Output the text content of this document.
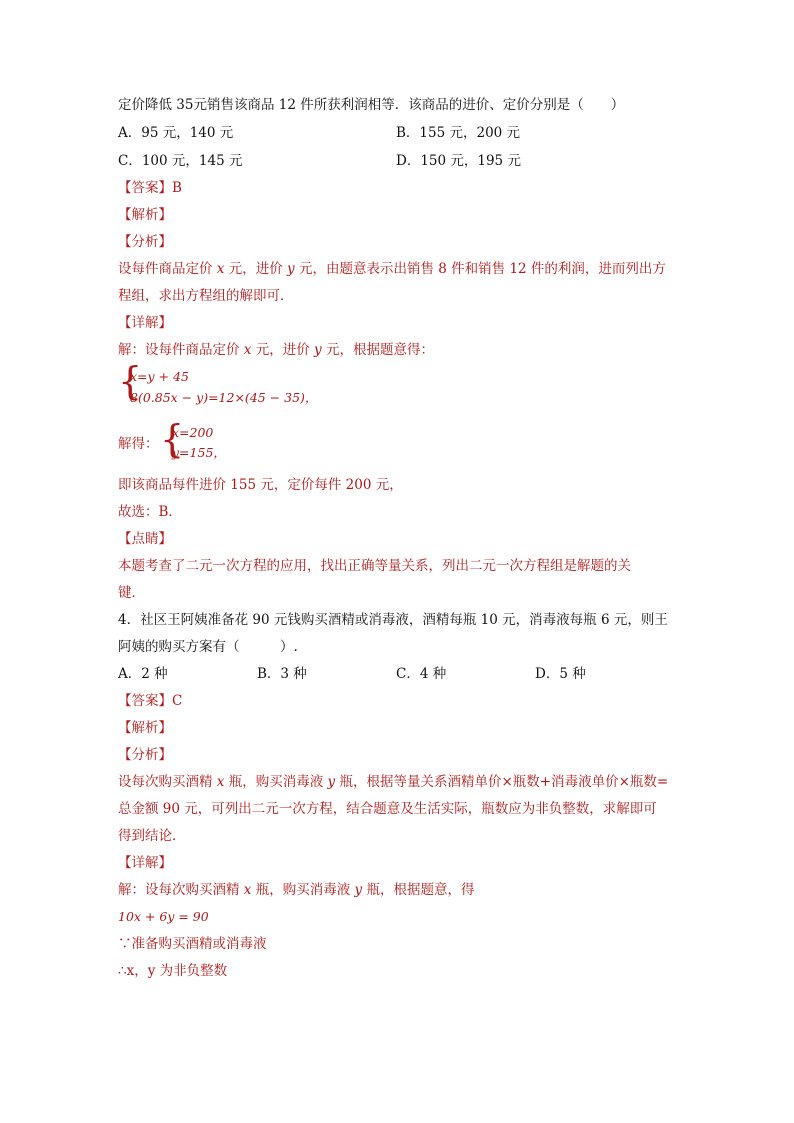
定价降低 35元销售该商品 12 件所获利润相等．该商品的进价、定价分别是（　　）
A．95 元，140 元	B．155 元，200 元
C．100 元，145 元	D．150 元，195 元
【答案】B
【解析】
【分析】
设每件商品定价 x 元，进价 y 元，由题意表示出销售 8 件和销售 12 件的利润，进而列出方
程组，求出方程组的解即可．
【详解】
解：设每件商品定价 x 元，进价 y 元，根据题意得：
{
x=y + 45
8(0.85x − y)=12×(45 − 35)，
解得： {
x=200
y=155，
即该商品每件进价 155 元，定价每件 200 元，
故选：B．
【点睛】
本题考查了二元一次方程的应用，找出正确等量关系，列出二元一次方程组是解题的关
键．
4．社区王阿姨准备花 90 元钱购买酒精或消毒液，酒精每瓶 10 元，消毒液每瓶 6 元，则王
阿姨的购买方案有（　　　）.
A．2 种	B．3 种	C．4 种	D．5 种
【答案】C
【解析】
【分析】
设每次购买酒精 x 瓶，购买消毒液 y 瓶，根据等量关系酒精单价×瓶数+消毒液单价×瓶数=
总金额 90 元，可列出二元一次方程，结合题意及生活实际，瓶数应为非负整数，求解即可
得到结论．
【详解】
解：设每次购买酒精 x 瓶，购买消毒液 y 瓶，根据题意，得
10x + 6y = 90
∵准备购买酒精或消毒液
∴x，y 为非负整数
